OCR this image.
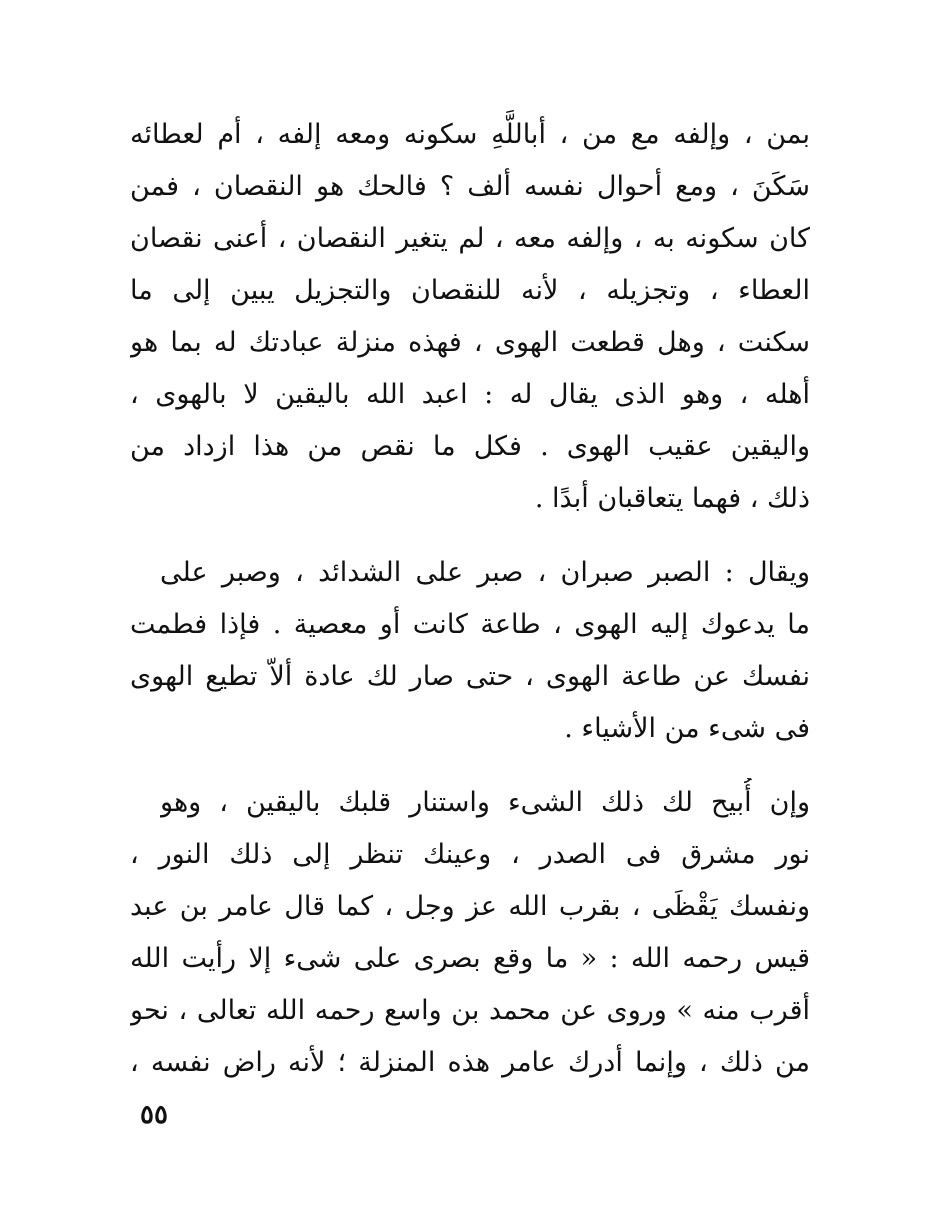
بمن ، وإلفه مع من ، أباللَّهِ سكونه ومعه إلفه ، أم لعطائه
سَكَنَ ، ومع أحوال نفسه ألف ؟ فالحك هو النقصان ، فمن
كان سكونه به ، وإلفه معه ، لم يتغير النقصان ، أعنى نقصان
العطاء ، وتجزيله ، لأنه للنقصان والتجزيل يبين إلى ما
سكنت ، وهل قطعت الهوى ، فهذه منزلة عبادتك له بما هو
أهله ، وهو الذى يقال له : اعبد الله باليقين لا بالهوى ،
واليقين عقيب الهوى . فكل ما نقص من هذا ازداد من
ذلك ، فهما يتعاقبان أبدًا .
ويقال : الصبر صبران ، صبر على الشدائد ، وصبر على
ما يدعوك إليه الهوى ، طاعة كانت أو معصية . فإذا فطمت
نفسك عن طاعة الهوى ، حتى صار لك عادة ألاّ تطيع الهوى
فى شىء من الأشياء .
وإن أُبيح لك ذلك الشىء واستنار قلبك باليقين ، وهو
نور مشرق فى الصدر ، وعينك تنظر إلى ذلك النور ،
ونفسك يَقْظَى ، بقرب الله عز وجل ، كما قال عامر بن عبد
قيس رحمه الله : « ما وقع بصرى على شىء إلا رأيت الله
أقرب منه » وروى عن محمد بن واسع رحمه الله تعالى ، نحو
من ذلك ، وإنما أدرك عامر هذه المنزلة ؛ لأنه راض نفسه ،
٥٥
